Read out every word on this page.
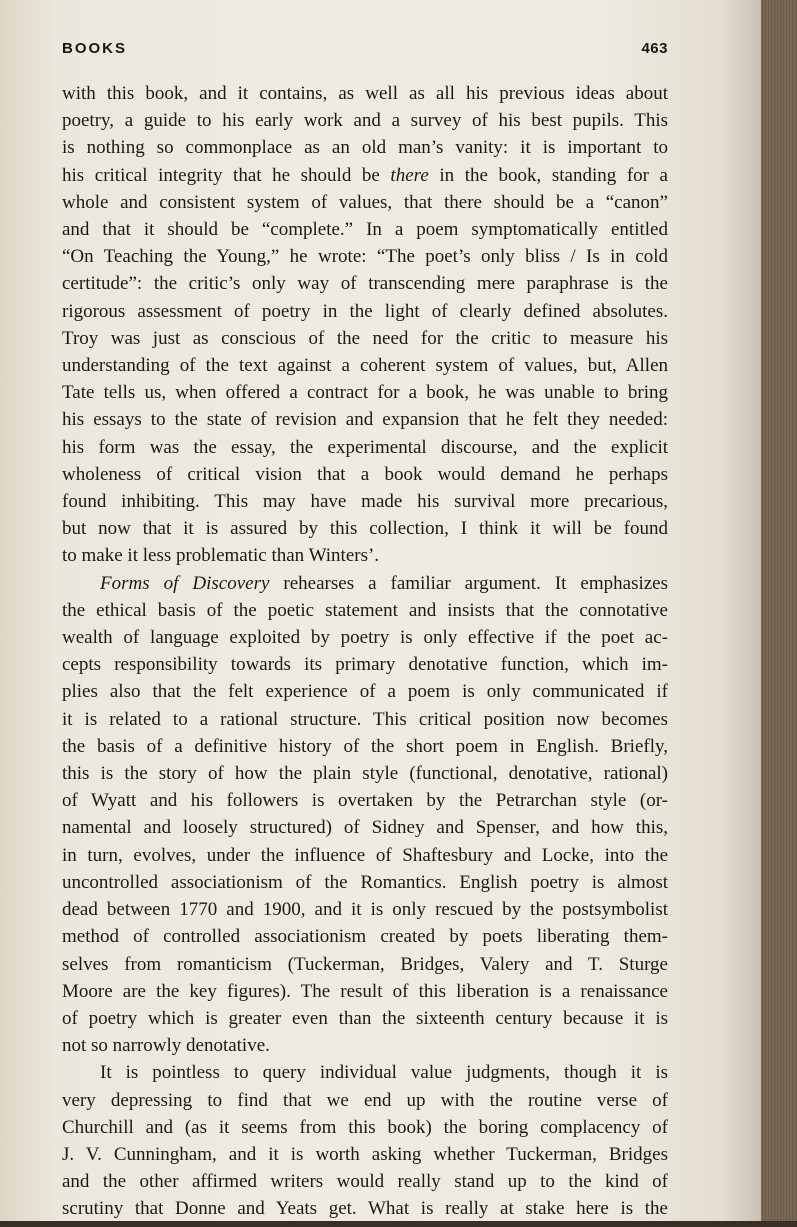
BOOKS	463
with this book, and it contains, as well as all his previous ideas about
poetry, a guide to his early work and a survey of his best pupils. This
is nothing so commonplace as an old man’s vanity: it is important to
his critical integrity that he should be there in the book, standing for a
whole and consistent system of values, that there should be a “canon”
and that it should be “complete.” In a poem symptomatically entitled
“On Teaching the Young,” he wrote: “The poet’s only bliss / Is in cold
certitude”: the critic’s only way of transcending mere paraphrase is the
rigorous assessment of poetry in the light of clearly defined absolutes.
Troy was just as conscious of the need for the critic to measure his
understanding of the text against a coherent system of values, but, Allen
Tate tells us, when offered a contract for a book, he was unable to bring
his essays to the state of revision and expansion that he felt they needed:
his form was the essay, the experimental discourse, and the explicit
wholeness of critical vision that a book would demand he perhaps
found inhibiting. This may have made his survival more precarious,
but now that it is assured by this collection, I think it will be found
to make it less problematic than Winters’.
Forms of Discovery rehearses a familiar argument. It emphasizes
the ethical basis of the poetic statement and insists that the connotative
wealth of language exploited by poetry is only effective if the poet ac-
cepts responsibility towards its primary denotative function, which im-
plies also that the felt experience of a poem is only communicated if
it is related to a rational structure. This critical position now becomes
the basis of a definitive history of the short poem in English. Briefly,
this is the story of how the plain style (functional, denotative, rational)
of Wyatt and his followers is overtaken by the Petrarchan style (or-
namental and loosely structured) of Sidney and Spenser, and how this,
in turn, evolves, under the influence of Shaftesbury and Locke, into the
uncontrolled associationism of the Romantics. English poetry is almost
dead between 1770 and 1900, and it is only rescued by the postsymbolist
method of controlled associationism created by poets liberating them-
selves from romanticism (Tuckerman, Bridges, Valery and T. Sturge
Moore are the key figures). The result of this liberation is a renaissance
of poetry which is greater even than the sixteenth century because it is
not so narrowly denotative.
It is pointless to query individual value judgments, though it is
very depressing to find that we end up with the routine verse of
Churchill and (as it seems from this book) the boring complacency of
J. V. Cunningham, and it is worth asking whether Tuckerman, Bridges
and the other affirmed writers would really stand up to the kind of
scrutiny that Donne and Yeats get. What is really at stake here is the
